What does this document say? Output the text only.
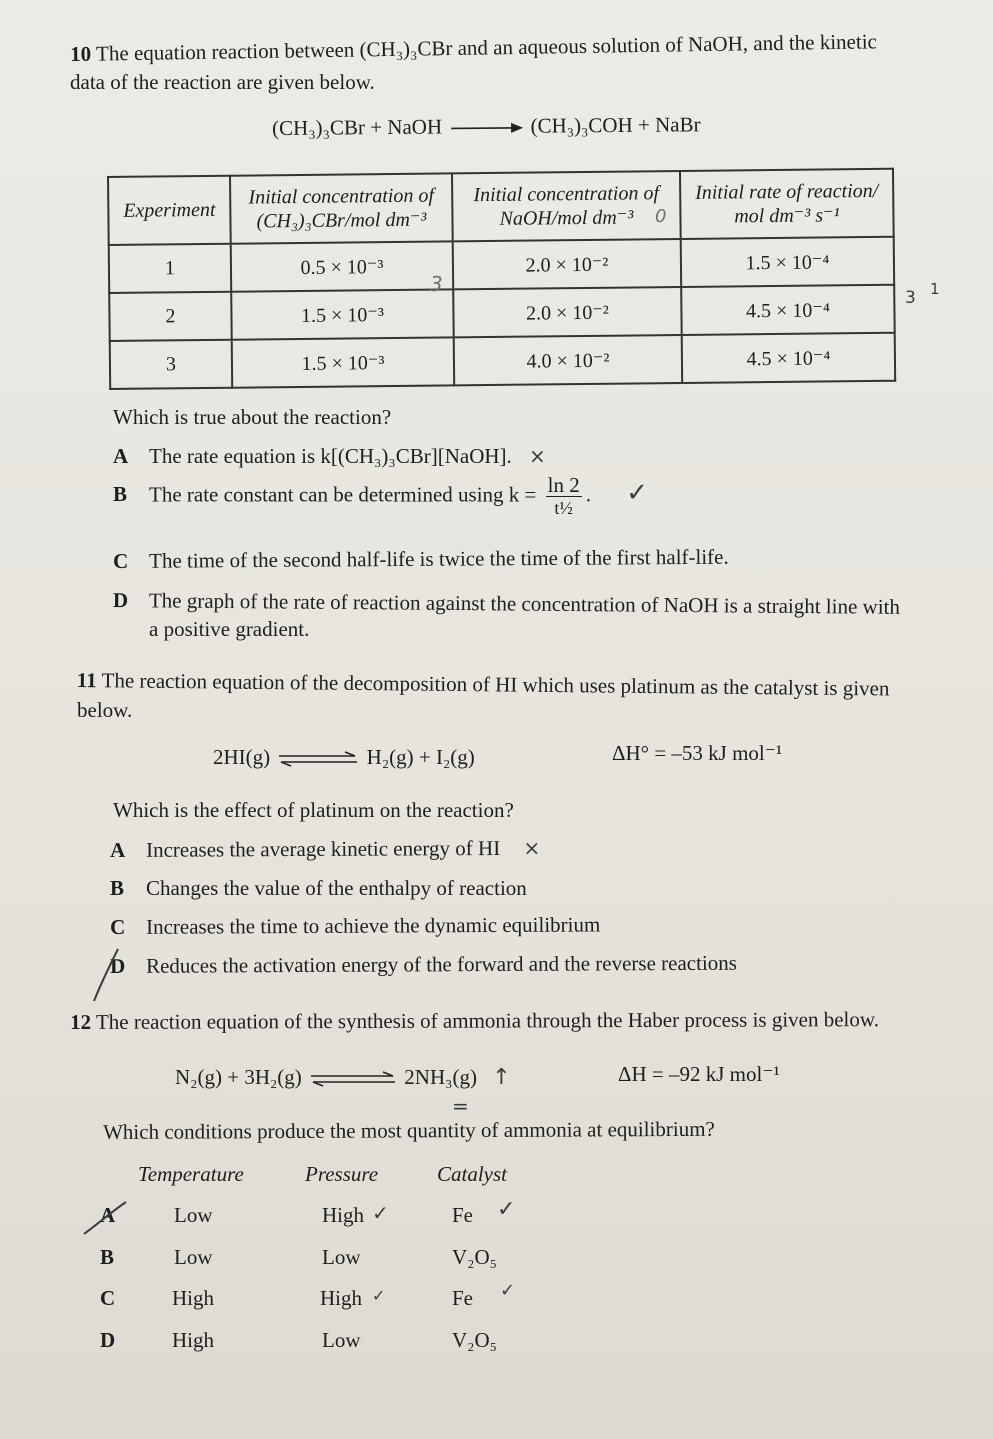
10 The equation reaction between (CH₃)₃CBr and an aqueous solution of NaOH, and the kinetic
data of the reaction are given below.
(CH₃)₃CBr + NaOH → (CH₃)₃COH + NaBr
Experiment	Initial concentration of (CH₃)₃CBr/mol dm⁻³	Initial concentration of NaOH/mol dm⁻³	Initial rate of reaction/ mol dm⁻³ s⁻¹
1	0.5 × 10⁻³	2.0 × 10⁻²	1.5 × 10⁻⁴
2	1.5 × 10⁻³	2.0 × 10⁻²	4.5 × 10⁻⁴
3	1.5 × 10⁻³	4.0 × 10⁻²	4.5 × 10⁻⁴
0
3
3 1
Which is true about the reaction?
A The rate equation is k[(CH₃)₃CBr][NaOH]. ×
B The rate constant can be determined using $k = \frac{\ln 2}{\text{t½}}$ . ✓
C The time of the second half-life is twice the time of the first half-life.
D The graph of the rate of reaction against the concentration of NaOH is a straight line with
a positive gradient.
11 The reaction equation of the decomposition of HI which uses platinum as the catalyst is given
below.
2HI(g)	H₂(g) + I₂(g)	ΔH° = –53 kJ mol⁻¹
Which is the effect of platinum on the reaction?
A Increases the average kinetic energy of HI ×
B Changes the value of the enthalpy of reaction
C Increases the time to achieve the dynamic equilibrium
D Reduces the activation energy of the forward and the reverse reactions
12 The reaction equation of the synthesis of ammonia through the Haber process is given below.
N₂(g) + 3H₂(g)	2NH₃(g) ↑	ΔH = –92 kJ mol⁻¹
=
Which conditions produce the most quantity of ammonia at equilibrium?
Temperature	Pressure	Catalyst
A	Low	High	Fe
✓	✓
B	Low	Low	V₂O₅
C	High	High	Fe
✓	✓
D	High	Low	V₂O₅
